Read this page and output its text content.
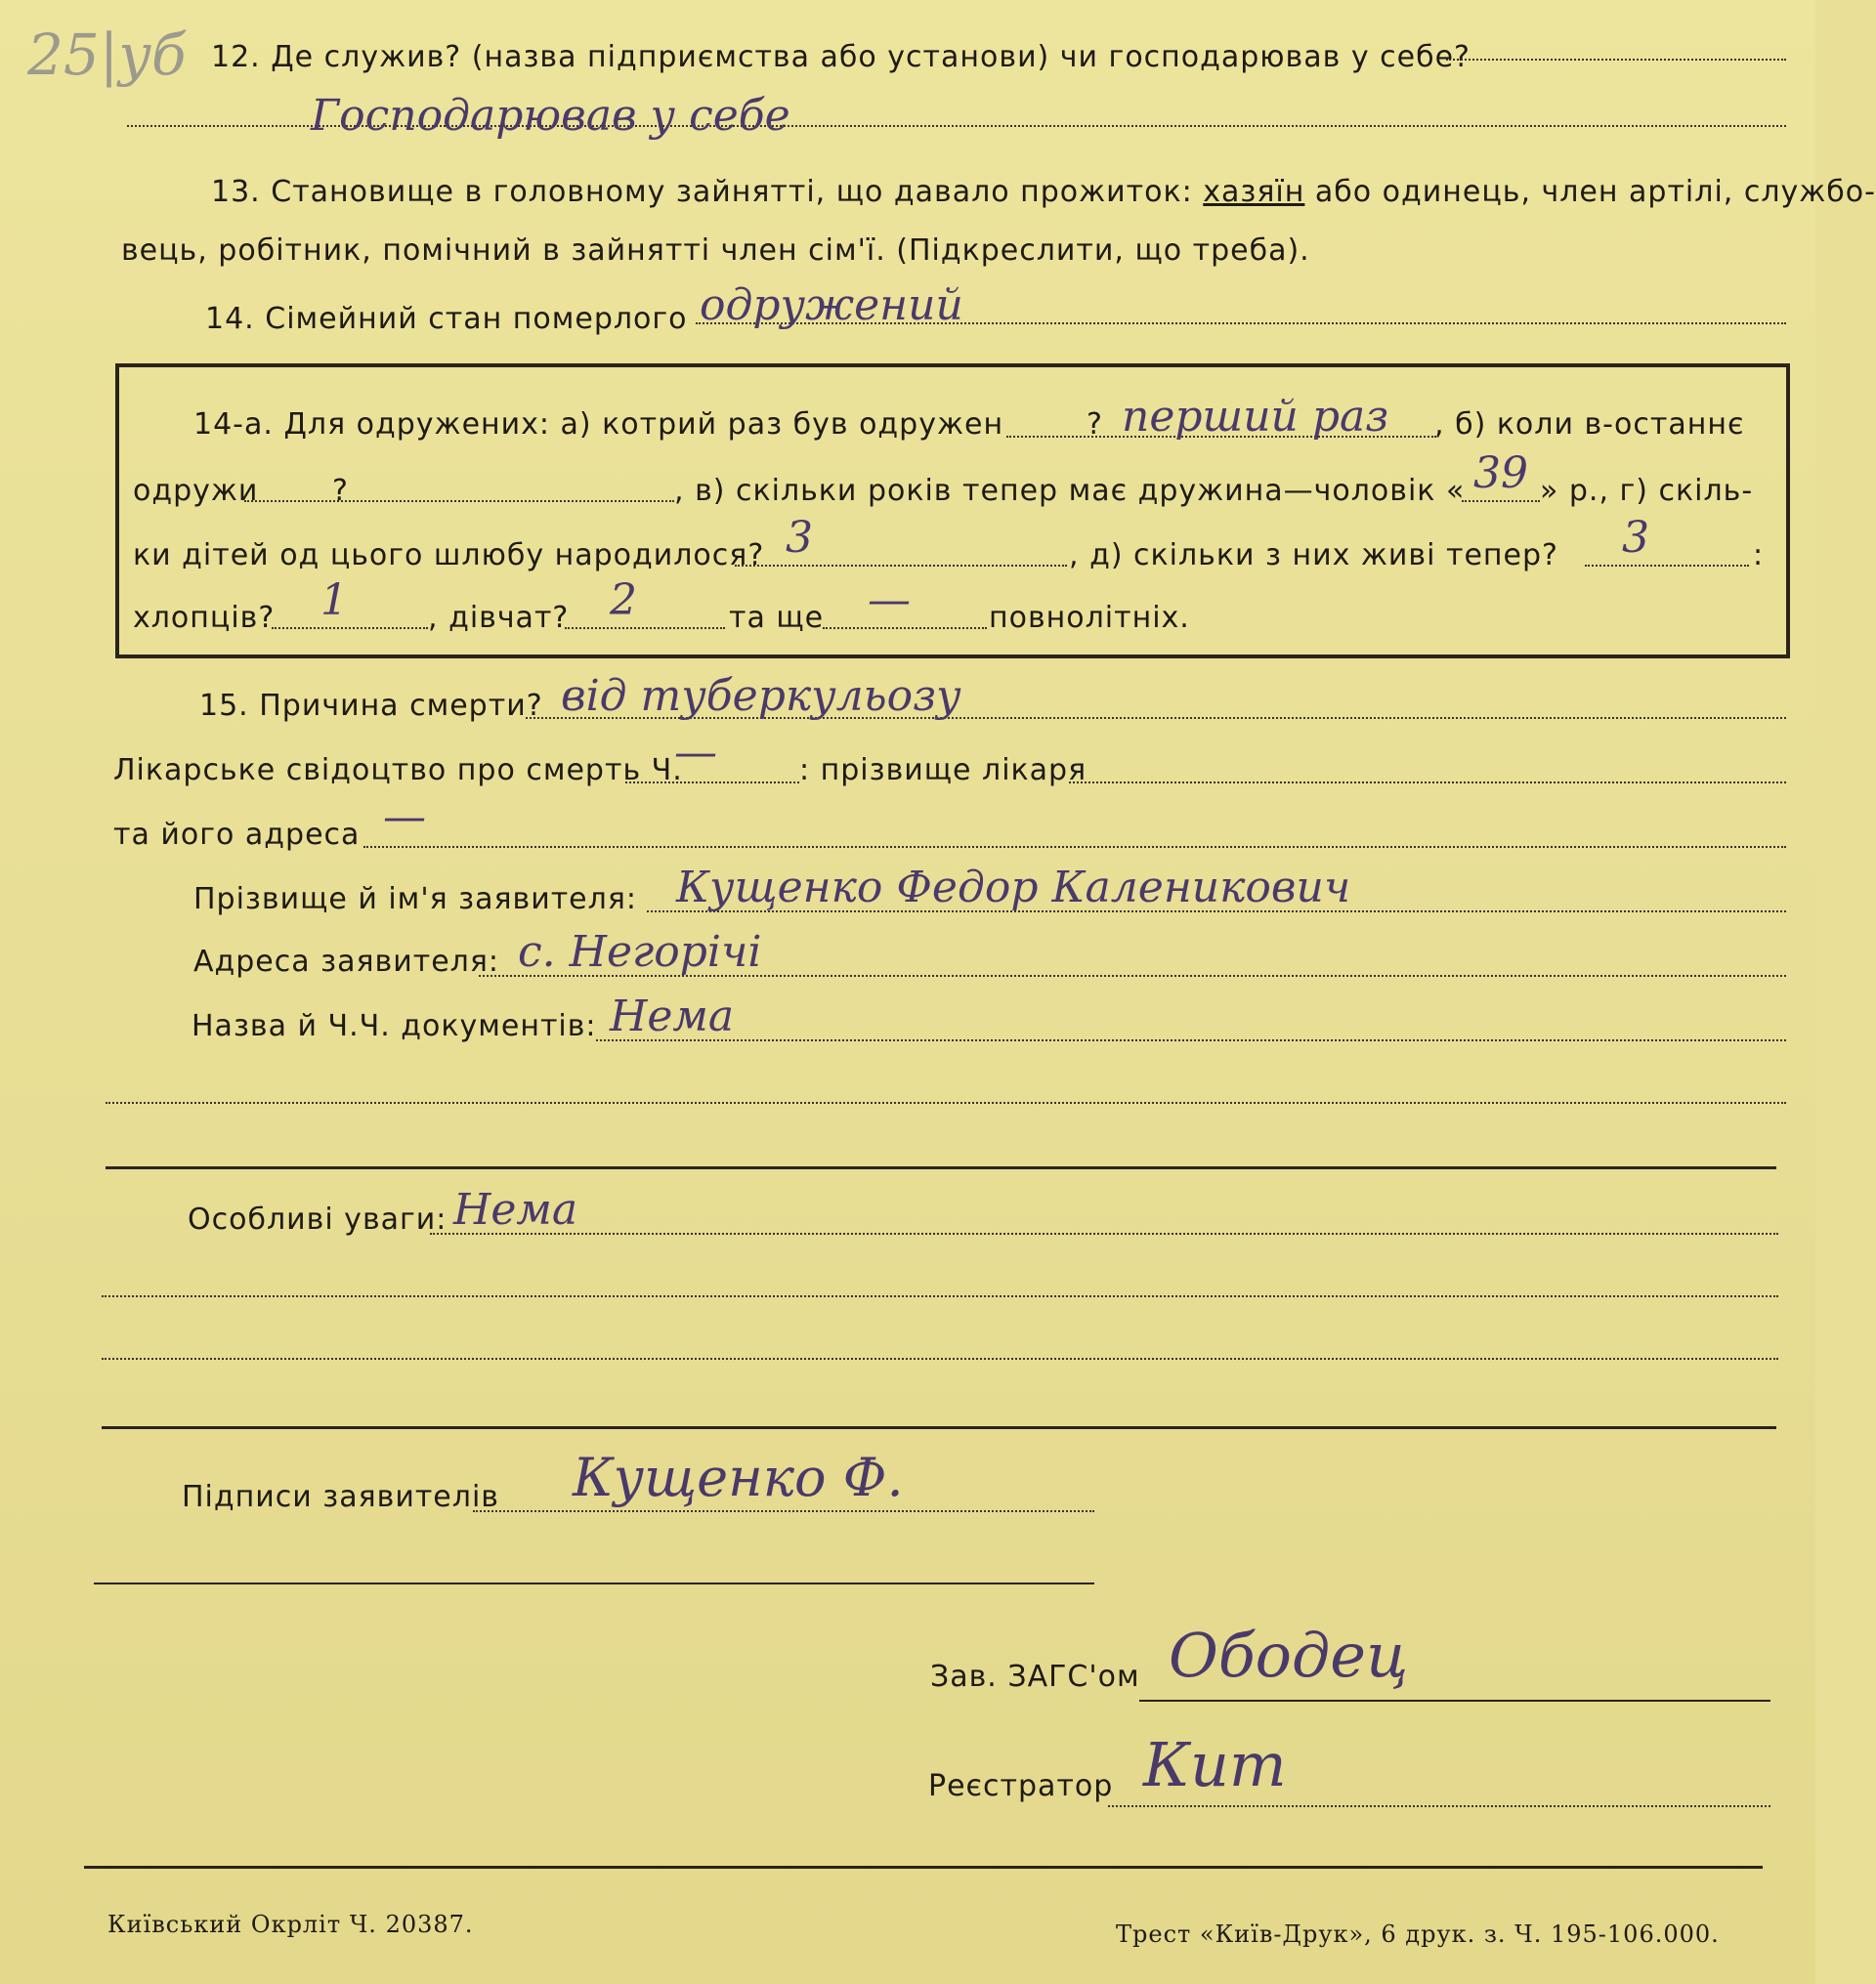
25|уб 12. Де служив? (назва підприємства або установи) чи господарював у себе?
Господарював у себе
13. Становище в головному зайнятті, що давало прожиток: хазяїн або одинець, член артілі, службо-
вець, робітник, помічний в зайнятті член сім'ї. (Підкреслити, що треба).
14. Сімейний стан померлого одружений
14-а. Для одружених: а) котрий раз був одружен	? перший раз , б) коли в-останнє
одружи	?	, в) скільки років тепер має дружина—чоловік « 39 » р., г) скіль-
ки дітей од цього шлюбу народилося? 3	, д) скільки з них живі тепер? 3	:
хлопців? 1	, дівчат? 2	та ще —	повнолітніх.
15. Причина смерти? від туберкульозу
Лікарське свідоцтво про смерть Ч.
—	: прізвище лікаря
та його адреса —
Прізвище й ім'я заявителя: Кущенко Федор Каленикович
Адреса заявителя: с. Негорічі
Назва й Ч.Ч. документів: Нема
Особливі уваги: Нема
Підписи заявителів Кущенко Ф.
Зав. ЗАГС'ом Ободец
Реєстратор Кит
Київський Окрліт Ч. 20387.	Трест «Київ-Друк», 6 друк. з. Ч. 195-106.000.
